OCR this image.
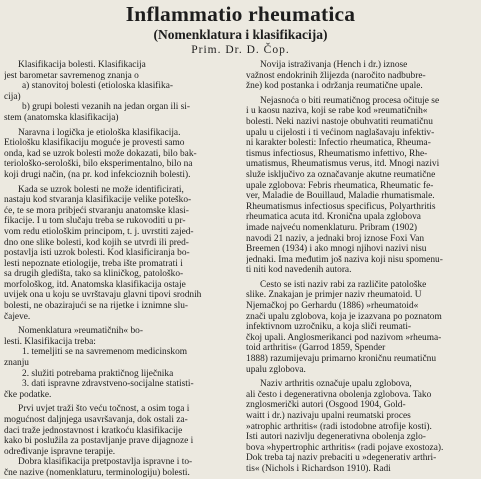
Inflammatio rheumatica
(Nomenklatura i klasifikacija)
Prim. Dr. D. Čop.
Klasifikacija bolesti. Klasifikacija
jest barometar savremenog znanja o
a) stanovitoj bolesti (etioloska klasifika-
cija)
b) grupi bolesti vezanih na jedan organ ili si-
stem (anatomska klasifikacija)
Naravna i logička je etiološka klasifikacija.
Etiološku klasifikaciju moguće je provesti samo
onda, kad se uzrok bolesti može dokazati, bilo bak-
teriološko-serološki, bilo eksperimentalno, bilo na
koji drugi način, (na pr. kod infekcioznih bolesti).
Kada se uzrok bolesti ne može identificirati,
nastaju kod stvaranja klasifikacije velike poteško-
će, te se mora pribjeći stvaranju anatomske klasi-
fikacije. I u tom slučaju treba se rukovoditi u pr-
vom redu etiološkim principom, t. j. uvrstiti zajed-
dno one slike bolesti, kod kojih se utvrdi ili pred-
postavlja isti uzrok bolesti. Kod klasificiranja bo-
lesti nepoznate etiologije, treba ište promatrati i
sa drugih gledišta, tako sa kliničkog, patološko-
morfološkog, itd. Anatomska klasifikacija ostaje
uvijek ona u koju se uvrštavaju glavni tipovi srodnih
bolesti, ne obazirajući se na rijetke i iznimne slu-
čajeve.
Nomenklatura »reumatičnih« bo-
lesti. Klasifikacija treba:
1. temeljiti se na savremenom medicinskom
znanju
2. služiti potrebama praktičnog liječnika
3. dati ispravne zdravstveno-socijalne statisti-
čke podatke.
Prvi uvjet traži što veću točnost, a osim toga i
mogućnost daljnjega usavršavanja, dok ostali za-
daci traže jednostavnost i kratkoću klasifikacije
kako bi poslužila za postavljanje prave dijagnoze i
određivanje ispravne terapije.
Dobra klasifikacija pretpostavlja ispravne i to-
čne nazive (nomenklaturu, terminologiju) bolesti.
Novija istraživanja (Hench i dr.) iznose
važnost endokrinih žlijezda (naročito nadbubre-
žne) kod postanka i održanja reumatične upale.
Nejasnoća o biti reumatičnog procesa očituje se
i u kaosu naziva, koji se rabe kod »reumatičnih«
bolesti. Neki nazivi nastoje obuhvatiti reumatičnu
upalu u cijelosti i ti većinom naglašavaju infektiv-
ni karakter bolesti: Infectio rheumatica, Rheuma-
tismus infectiosus, Rheumatismo infettivo, Rhe-
umatismus, Rheumatismus verus, itd. Mnogi nazivi
služe isključivo za označavanje akutne reumatične
upale zglobova: Febris rheumatica, Rheumatic fe-
ver, Maladie de Bouillaud, Maladie rhumatismale.
Rheumatismus infectiosus specificus, Polyarthritis
rheumatica acuta itd. Kronična upala zglobova
imade najveću nomenklaturu. Pribram (1902)
navodi 21 naziv, a jednaki broj iznose Foxi Van
Breemen (1934) i ako mnogi njihovi nazivi nisu
jednaki. Ima međutim još naziva koji nisu spomenu-
ti niti kod navedenih autora.
Često se isti naziv rabi za različite patološke
slike. Znakajan je primjer naziv rheumatoid. U
Njemačkoj po Gerhardu (1886) »rheumatoid«
znači upalu zglobova, koja je izazvana po poznatom
infektivnom uzročniku, a koja sliči reumati-
čkoj upali. Anglosmerikanci pod nazivom »rheuma-
toid arthritis« (Garrod 1859, Spender
1888) razumijevaju primarno kroničnu reumatičnu
upalu zglobova.
Naziv arthritis označuje upalu zglobova,
ali često i degenerativna obolenja zglobova. Tako
znglosmerički autori (Osgood 1904, Gold-
waitt i dr.) nazivaju upalni reumatski proces
»atrophic arthritis« (radi istodobne atrofije kosti).
Isti autori nazivlju degenerativna obolenja zglo-
bova »hypertrophic arthritis« (radi pojave exostoza).
Dok treba taj naziv prebaciti u »degenerativ arthri-
tis« (Nichols i Richardson 1910). Radi
